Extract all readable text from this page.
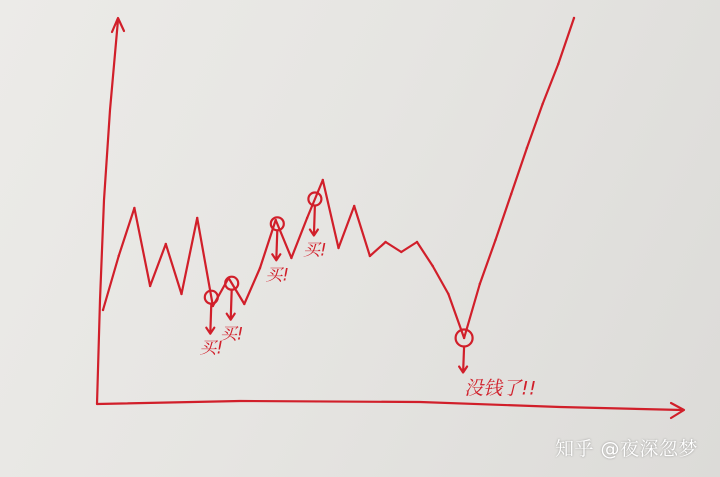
买!
买!
买!
买!
没钱了!!
知乎 @夜深忽梦
